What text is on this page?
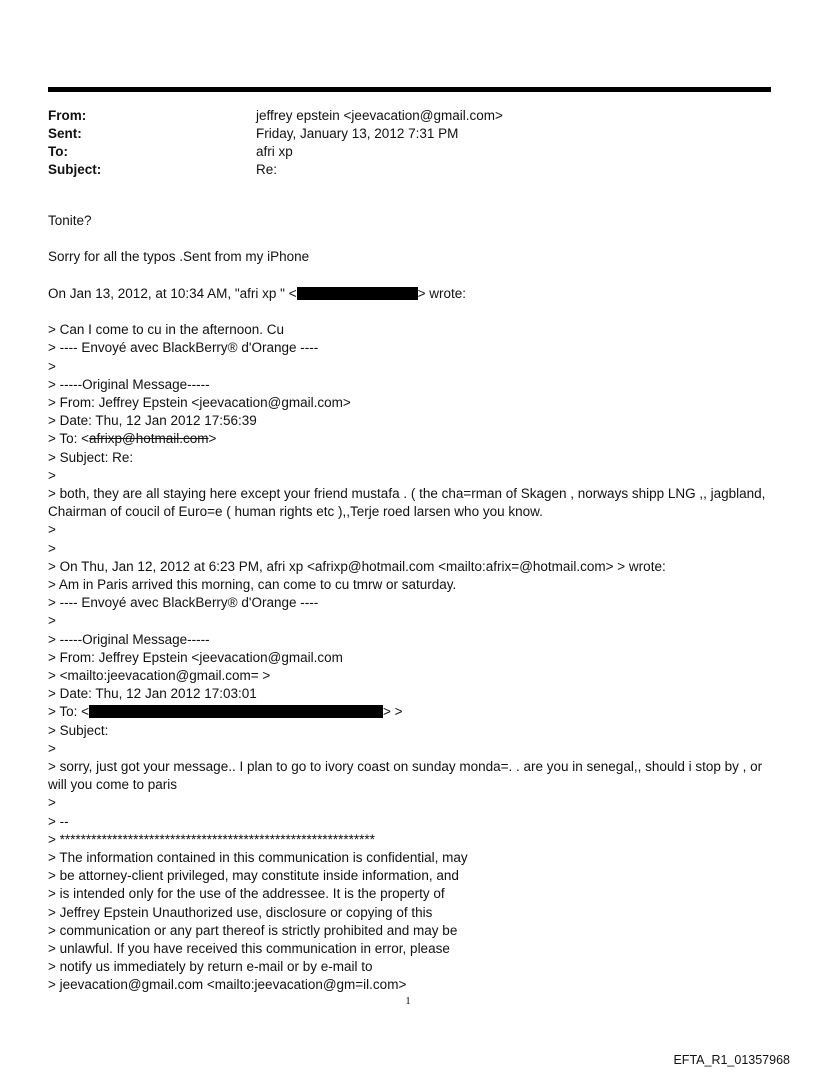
From:	jeffrey epstein <jeevacation@gmail.com>
Sent:	Friday, January 13, 2012 7:31 PM
To:	afri xp
Subject:	Re:
Tonite?
Sorry for all the typos .Sent from my iPhone
On Jan 13, 2012, at 10:34 AM, "afri xp " <	> wrote:
> Can I come to cu in the afternoon. Cu
> ---- Envoyé avec BlackBerry® d'Orange ----
>
> -----Original Message-----
> From: Jeffrey Epstein <jeevacation@gmail.com>
> Date: Thu, 12 Jan 2012 17:56:39
> To: <afrixp@hotmail.com>
> Subject: Re:
>
> both, they are all staying here except your friend mustafa . ( the cha=rman of Skagen , norways shipp LNG ,, jagbland, Chairman of coucil of Euro=e ( human rights etc ),,Terje roed larsen who you know.
>
>
> On Thu, Jan 12, 2012 at 6:23 PM, afri xp <afrixp@hotmail.com <mailto:afrix=@hotmail.com> > wrote:
> Am in Paris arrived this morning, can come to cu tmrw or saturday.
> ---- Envoyé avec BlackBerry® d'Orange ----
>
> -----Original Message-----
> From: Jeffrey Epstein <jeevacation@gmail.com
> <mailto:jeevacation@gmail.com= >
> Date: Thu, 12 Jan 2012 17:03:01
> To: <	> >
> Subject:
>
> sorry, just got your message.. I plan to go to ivory coast on sunday monda=. . are you in senegal,, should i stop by , or will you come to paris
>
> --
> ************************************************************
> The information contained in this communication is confidential, may
> be attorney-client privileged, may constitute inside information, and
> is intended only for the use of the addressee. It is the property of
> Jeffrey Epstein Unauthorized use, disclosure or copying of this
> communication or any part thereof is strictly prohibited and may be
> unlawful. If you have received this communication in error, please
> notify us immediately by return e-mail or by e-mail to
> jeevacation@gmail.com <mailto:jeevacation@gm=il.com>
1
EFTA_R1_01357968
